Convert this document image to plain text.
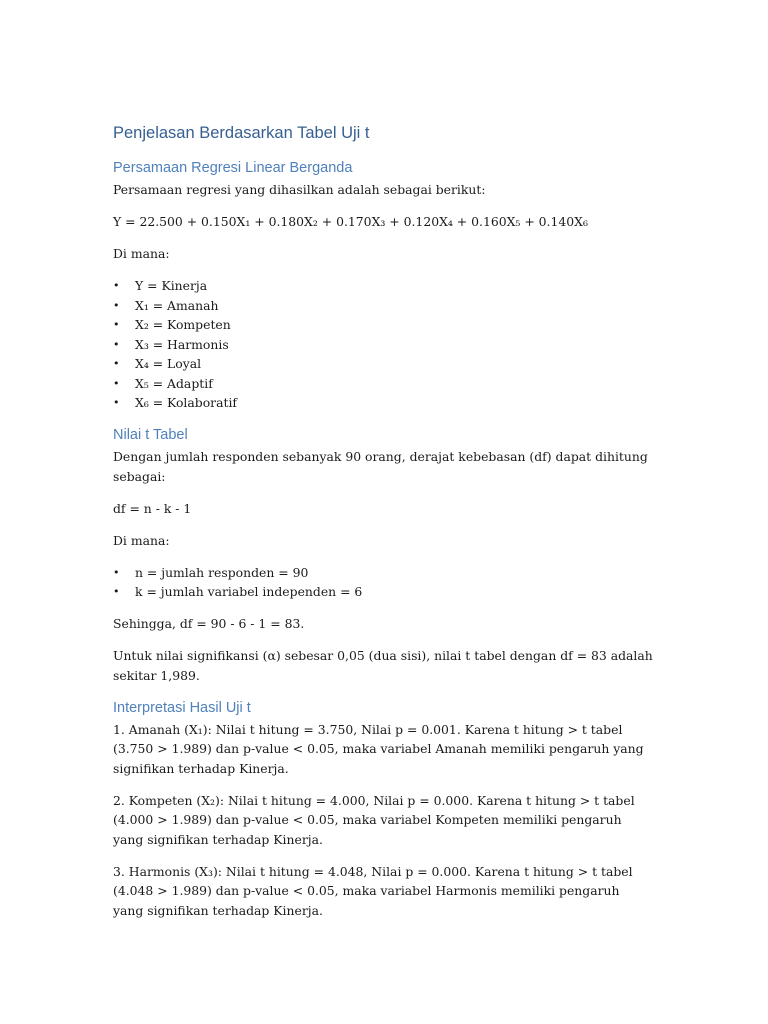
Penjelasan Berdasarkan Tabel Uji t
Persamaan Regresi Linear Berganda

Persamaan regresi yang dihasilkan adalah sebagai berikut:

Y = 22.500 + 0.150X₁ + 0.180X₂ + 0.170X₃ + 0.120X₄ + 0.160X₅ + 0.140X₆

Di mana:

• Y = Kinerja
• X₁ = Amanah
• X₂ = Kompeten
• X₃ = Harmonis
• X₄ = Loyal
• X₅ = Adaptif
• X₆ = Kolaboratif
Nilai t Tabel

Dengan jumlah responden sebanyak 90 orang, derajat kebebasan (df) dapat dihitung sebagai:

df = n - k - 1

Di mana:

• n = jumlah responden = 90
• k = jumlah variabel independen = 6

Sehingga, df = 90 - 6 - 1 = 83.

Untuk nilai signifikansi (α) sebesar 0,05 (dua sisi), nilai t tabel dengan df = 83 adalah sekitar 1,989.

Interpretasi Hasil Uji t

1. Amanah (X₁): Nilai t hitung = 3.750, Nilai p = 0.001. Karena t hitung > t tabel (3.750 > 1.989) dan p-value < 0.05, maka variabel Amanah memiliki pengaruh yang signifikan terhadap Kinerja.

2. Kompeten (X₂): Nilai t hitung = 4.000, Nilai p = 0.000. Karena t hitung > t tabel (4.000 > 1.989) dan p-value < 0.05, maka variabel Kompeten memiliki pengaruh yang signifikan terhadap Kinerja.

3. Harmonis (X₃): Nilai t hitung = 4.048, Nilai p = 0.000. Karena t hitung > t tabel (4.048 > 1.989) dan p-value < 0.05, maka variabel Harmonis memiliki pengaruh yang signifikan terhadap Kinerja.
